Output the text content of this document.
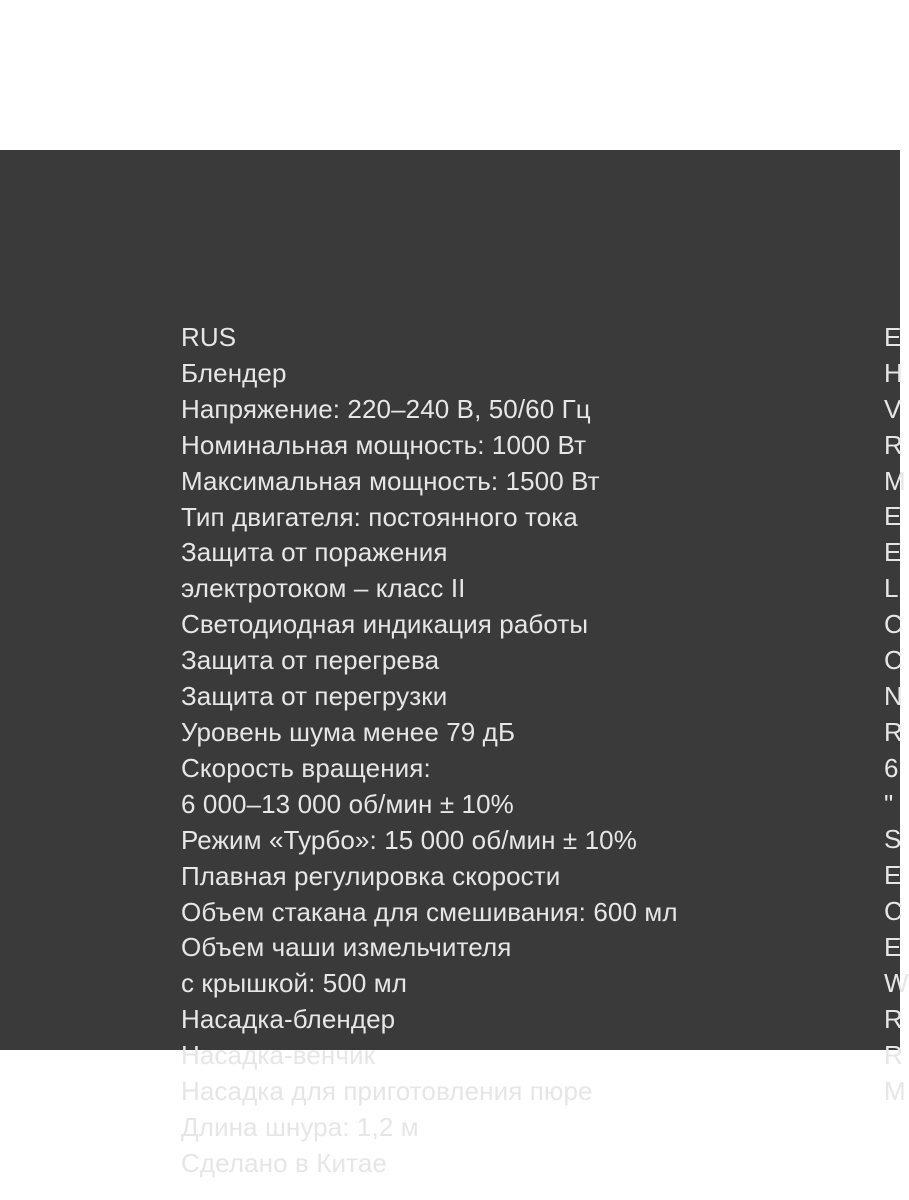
RUS
Блендер
Напряжение: 220–240 В, 50/60 Гц
Номинальная мощность: 1000 Вт
Максимальная мощность: 1500 Вт
Тип двигателя: постоянного тока
Защита от поражения
электротоком – класс II
Светодиодная индикация работы
Защита от перегрева
Защита от перегрузки
Уровень шума менее 79 дБ
Скорость вращения:
6 000–13 000 об/мин ± 10%
Режим «Турбо»: 15 000 об/мин ± 10%
Плавная регулировка скорости
Объем стакана для смешивания: 600 мл
Объем чаши измельчителя
с крышкой: 500 мл
Насадка-блендер
Насадка-венчик
Насадка для приготовления пюре
Длина шнура: 1,2 м
Сделано в Китае
E
H
V
R
M
E
E
L
C
C
N
R
6
"
S
E
C
E
W
R
R
M
